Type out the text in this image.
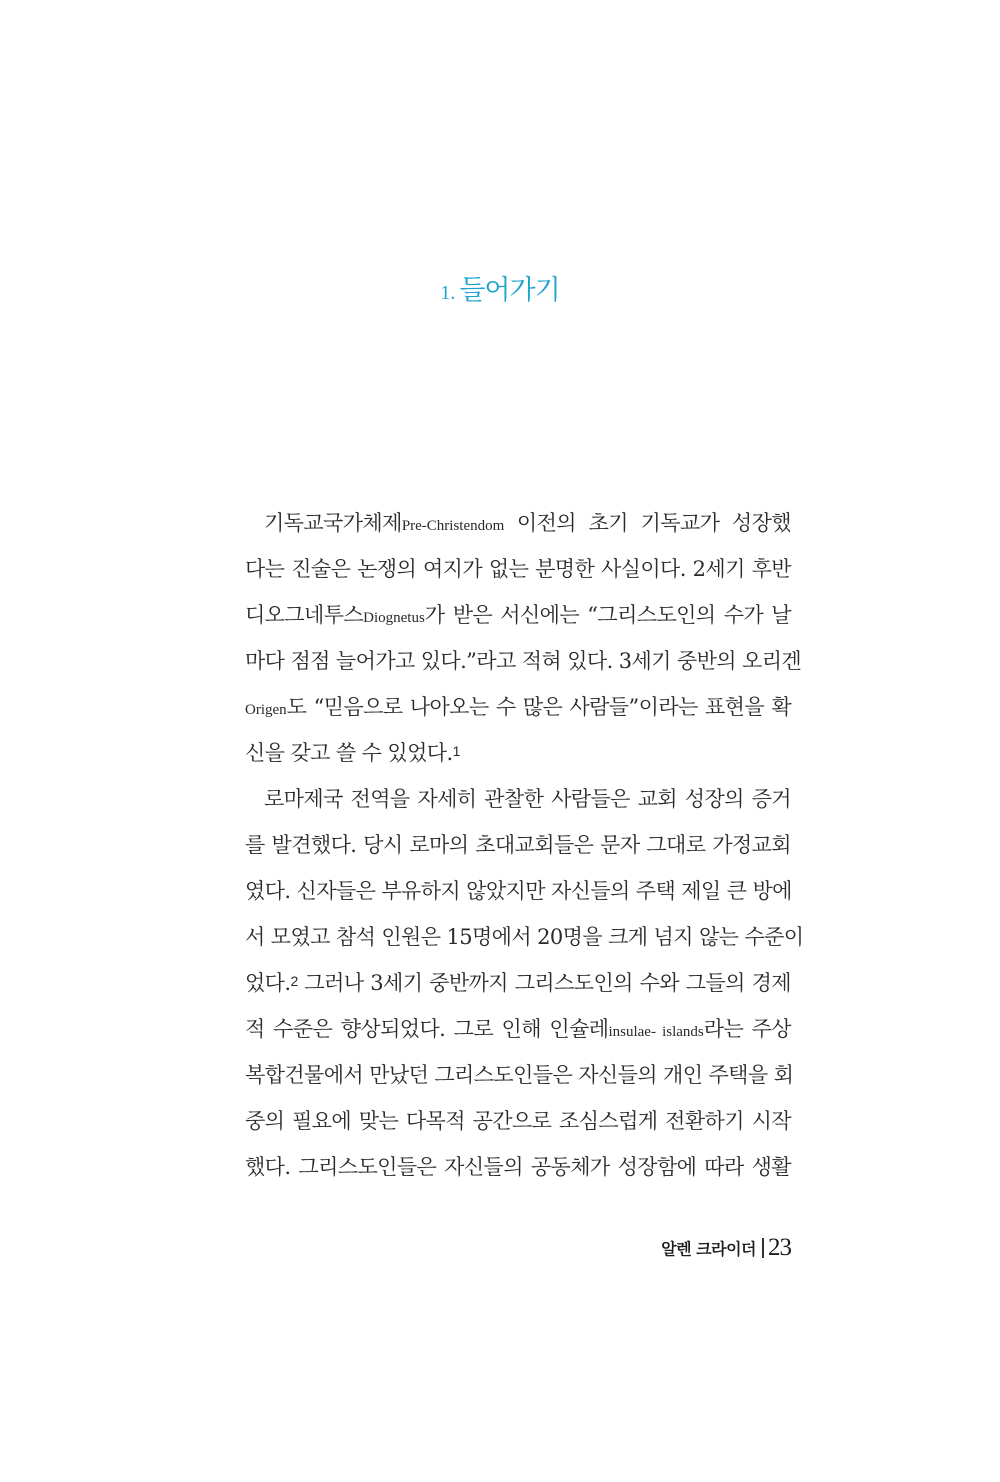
1. 들어가기
기독교국가체제Pre-Christendom 이전의 초기 기독교가 성장했
다는 진술은 논쟁의 여지가 없는 분명한 사실이다. 2세기 후반
디오그네투스Diognetus가 받은 서신에는 “그리스도인의 수가 날
마다 점점 늘어가고 있다.”라고 적혀 있다. 3세기 중반의 오리겐
Origen도 “믿음으로 나아오는 수 많은 사람들”이라는 표현을 확
신을 갖고 쓸 수 있었다.1
로마제국 전역을 자세히 관찰한 사람들은 교회 성장의 증거
를 발견했다. 당시 로마의 초대교회들은 문자 그대로 가정교회
였다. 신자들은 부유하지 않았지만 자신들의 주택 제일 큰 방에
서 모였고 참석 인원은 15명에서 20명을 크게 넘지 않는 수준이
었다.2 그러나 3세기 중반까지 그리스도인의 수와 그들의 경제
적 수준은 향상되었다. 그로 인해 인슐레insulae- islands라는 주상
복합건물에서 만났던 그리스도인들은 자신들의 개인 주택을 회
중의 필요에 맞는 다목적 공간으로 조심스럽게 전환하기 시작
했다. 그리스도인들은 자신들의 공동체가 성장함에 따라 생활
알렌 크라이더 23
